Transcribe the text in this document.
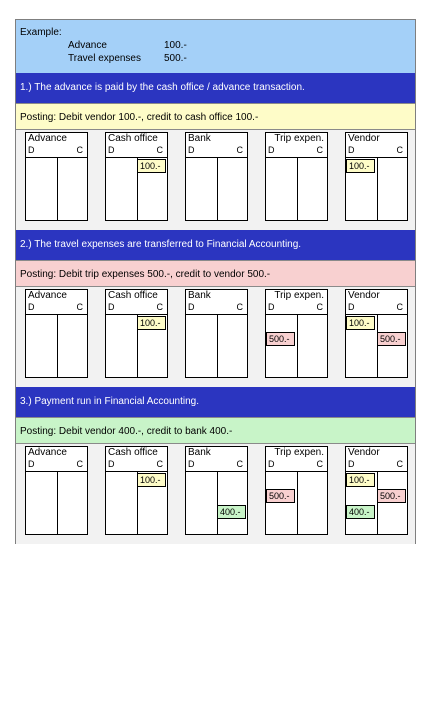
Example:
Advance	100.-
Travel expenses 500.-
1.) The advance is paid by the cash office / advance transaction.
Posting: Debit vendor 100.-, credit to cash office 100.-
Advance
D	C
Cash office
D	C
100.-
Bank
D	C
Trip expen.
D	C
Vendor
D	C
100.-
2.) The travel expenses are transferred to Financial Accounting.
Posting: Debit trip expenses 500.-, credit to vendor 500.-
Advance
D	C
Cash office
D	C
100.-
Bank
D	C
Trip expen.
D	C
500.-
Vendor
D	C
100.-
500.-
3.) Payment run in Financial Accounting.
Posting: Debit vendor 400.-, credit to bank 400.-
Advance
D	C
Cash office
D	C
100.-
Bank
D	C
400.-
Trip expen.
D	C
500.-
Vendor
D	C
100.-
500.-
400.-
